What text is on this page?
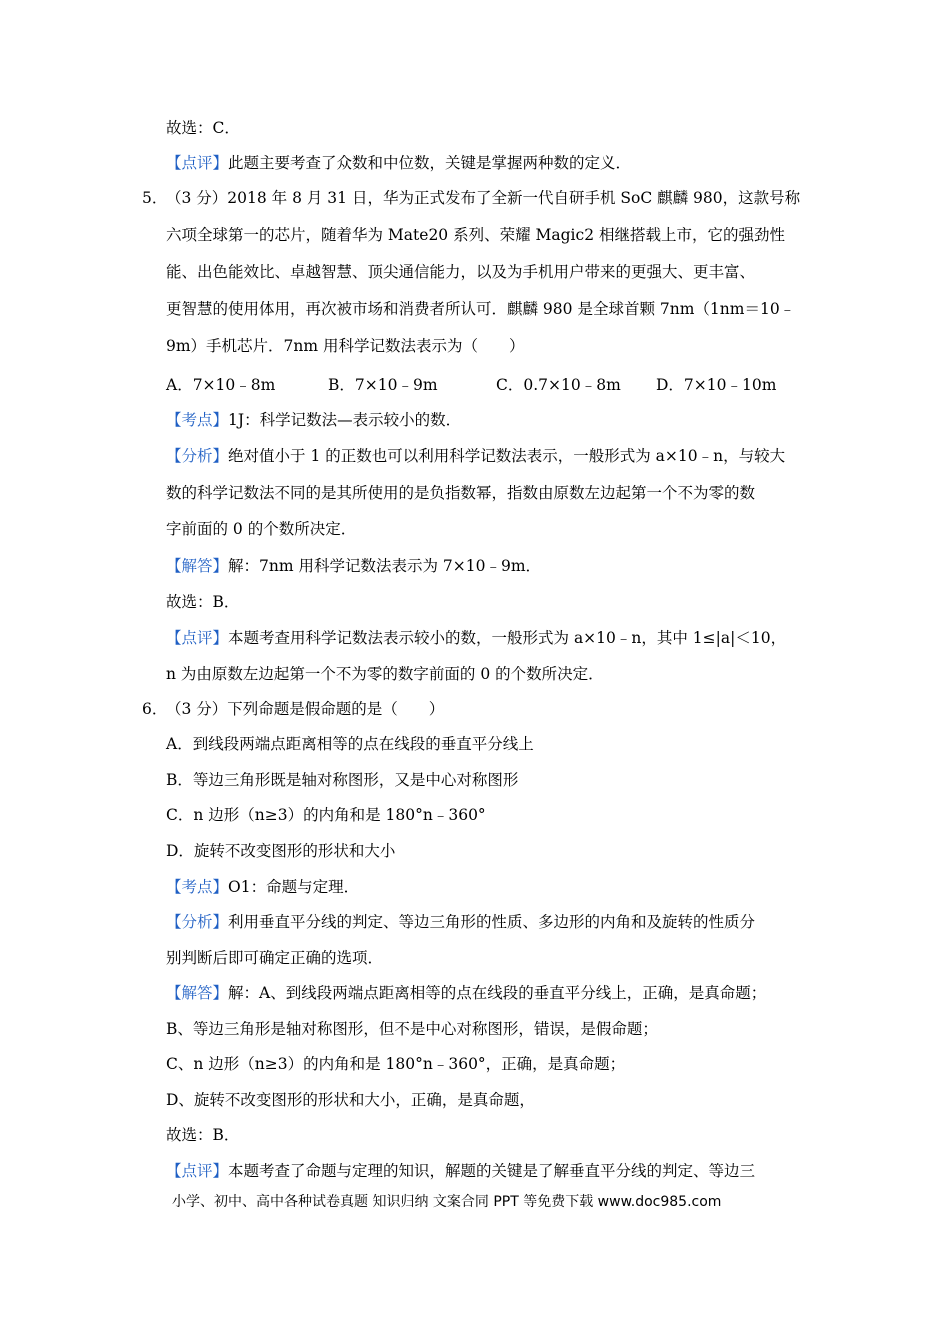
故选：C．
【点评】此题主要考查了众数和中位数，关键是掌握两种数的定义．
5．（3 分）2018 年 8 月 31 日，华为正式发布了全新一代自研手机 SoC 麒麟 980，这款号称
六项全球第一的芯片，随着华为 Mate20 系列、荣耀 Magic2 相继搭载上市，它的强劲性
能、出色能效比、卓越智慧、顶尖通信能力，以及为手机用户带来的更强大、更丰富、
更智慧的使用体用，再次被市场和消费者所认可．麒麟 980 是全球首颗 7nm（1nm＝10﹣
9m）手机芯片．7nm 用科学记数法表示为（　　）
A．7×10﹣8m	B．7×10﹣9m	C．0.7×10﹣8m D．7×10﹣10m
【考点】1J：科学记数法—表示较小的数．
【分析】绝对值小于 1 的正数也可以利用科学记数法表示，一般形式为 a×10﹣n，与较大
数的科学记数法不同的是其所使用的是负指数幂，指数由原数左边起第一个不为零的数
字前面的 0 的个数所决定．
【解答】解：7nm 用科学记数法表示为 7×10﹣9m．
故选：B．
【点评】本题考查用科学记数法表示较小的数，一般形式为 a×10﹣n，其中 1≤|a|＜10，
n 为由原数左边起第一个不为零的数字前面的 0 的个数所决定．
6．（3 分）下列命题是假命题的是（　　）
A．到线段两端点距离相等的点在线段的垂直平分线上
B．等边三角形既是轴对称图形，又是中心对称图形
C．n 边形（n≥3）的内角和是 180°n﹣360°
D．旋转不改变图形的形状和大小
【考点】O1：命题与定理．
【分析】利用垂直平分线的判定、等边三角形的性质、多边形的内角和及旋转的性质分
别判断后即可确定正确的选项．
【解答】解：A、到线段两端点距离相等的点在线段的垂直平分线上，正确，是真命题；
B、等边三角形是轴对称图形，但不是中心对称图形，错误，是假命题；
C、n 边形（n≥3）的内角和是 180°n﹣360°，正确，是真命题；
D、旋转不改变图形的形状和大小，正确，是真命题，
故选：B．
【点评】本题考查了命题与定理的知识，解题的关键是了解垂直平分线的判定、等边三
小学、初中、高中各种试卷真题 知识归纳 文案合同 PPT 等免费下载 www.doc985.com
